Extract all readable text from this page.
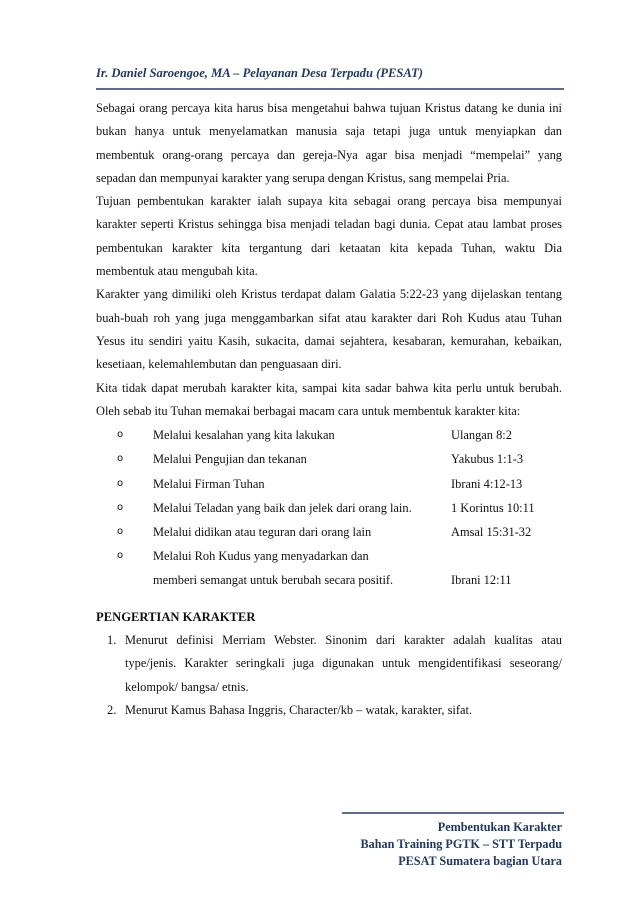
Ir. Daniel Saroengoe, MA – Pelayanan Desa Terpadu (PESAT)

Sebagai orang percaya kita harus bisa mengetahui bahwa tujuan Kristus datang ke dunia ini bukan hanya untuk menyelamatkan manusia saja tetapi juga untuk menyiapkan dan membentuk orang-orang percaya dan gereja-Nya agar bisa menjadi “mempelai” yang sepadan dan mempunyai karakter yang serupa dengan Kristus, sang mempelai Pria.

Tujuan pembentukan karakter ialah supaya kita sebagai orang percaya bisa mempunyai karakter seperti Kristus sehingga bisa menjadi teladan bagi dunia. Cepat atau lambat proses pembentukan karakter kita tergantung dari ketaatan kita kepada Tuhan, waktu Dia membentuk atau mengubah kita.

Karakter yang dimiliki oleh Kristus terdapat dalam Galatia 5:22-23 yang dijelaskan tentang buah-buah roh yang juga menggambarkan sifat atau karakter dari Roh Kudus atau Tuhan Yesus itu sendiri yaitu Kasih, sukacita, damai sejahtera, kesabaran, kemurahan, kebaikan, kesetiaan, kelemahlembutan dan penguasaan diri.

Kita tidak dapat merubah karakter kita, sampai kita sadar bahwa kita perlu untuk berubah. Oleh sebab itu Tuhan memakai berbagai macam cara untuk membentuk karakter kita:

o Melalui kesalahan yang kita lakukan	Ulangan 8:2
o Melalui Pengujian dan tekanan	Yakubus 1:1-3
o Melalui Firman Tuhan	Ibrani 4:12-13
o Melalui Teladan yang baik dan jelek dari orang lain.	1 Korintus 10:11
o Melalui didikan atau teguran dari orang lain	Amsal 15:31-32
o Melalui Roh Kudus yang menyadarkan dan
memberi semangat untuk berubah secara positif.	Ibrani 12:11
PENGERTIAN KARAKTER
1. Menurut definisi Merriam Webster. Sinonim dari karakter adalah kualitas atau type/jenis. Karakter seringkali juga digunakan untuk mengidentifikasi seseorang/ kelompok/ bangsa/ etnis.
2. Menurut Kamus Bahasa Inggris, Character/kb – watak, karakter, sifat.
Pembentukan Karakter
Bahan Training PGTK – STT Terpadu
PESAT Sumatera bagian Utara
